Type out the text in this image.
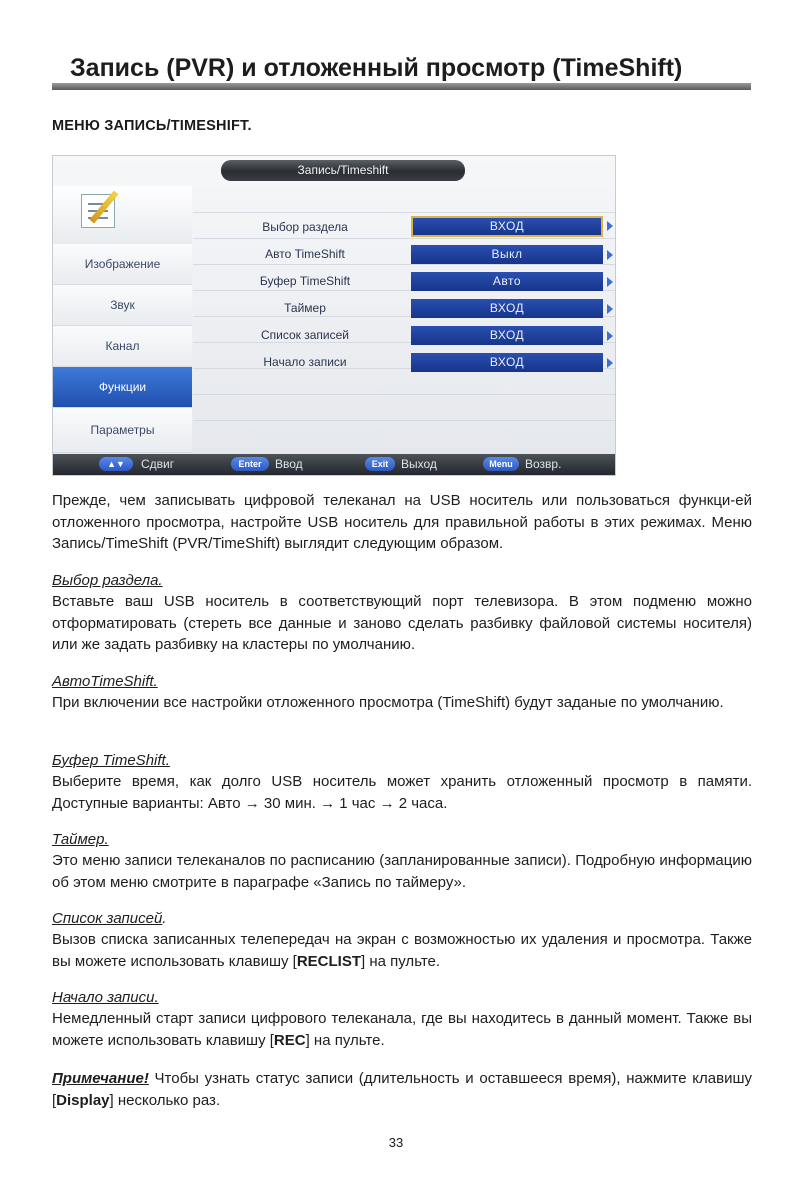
Запись (PVR) и отложенный просмотр (TimeShift)
МЕНЮ ЗАПИСЬ/TIMESHIFT.
Запись/Timeshift
Изображение
Звук
Канал
Функции
Параметры
Выбор раздела	ВХОД
Авто TimeShift	Выкл
Буфер TimeShift	Авто
Таймер	ВХОД
Список записей	ВХОД
Начало записи	ВХОД
▲▼	Сдвиг	Enter	Ввод	Exit	Выход	Menu	Возвр.
Прежде, чем записывать цифровой телеканал на USB носитель или пользоваться функци-ей отложенного просмотра, настройте USB носитель для правильной работы в этих режимах. Меню Запись/TimeShift (PVR/TimeShift) выглядит следующим образом.
Выбор раздела.
Вставьте ваш USB носитель в соответствующий порт телевизора. В этом подменю можно отформатировать (стереть все данные и заново сделать разбивку файловой системы носителя) или же задать разбивку на кластеры по умолчанию.
АвтоTimeShift.
При включении все настройки отложенного просмотра (TimeShift) будут заданые по умолчанию.
Буфер TimeShift.
Выберите время, как долго USB носитель может хранить отложенный просмотр в памяти. Доступные варианты: Авто → 30 мин. → 1 час → 2 часа.
Таймер.
Это меню записи телеканалов по расписанию (запланированные записи). Подробную информацию об этом меню смотрите в параграфе «Запись по таймеру».
Список записей.
Вызов списка записанных телепередач на экран с возможностью их удаления и просмотра. Также вы можете использовать клавишу [RECLIST] на пульте.
Начало записи.
Немедленный старт записи цифрового телеканала, где вы находитесь в данный момент. Также вы можете использовать клавишу [REC] на пульте.
Примечание! Чтобы узнать статус записи (длительность и оставшееся время), нажмите клавишу [Display] несколько раз.
33
